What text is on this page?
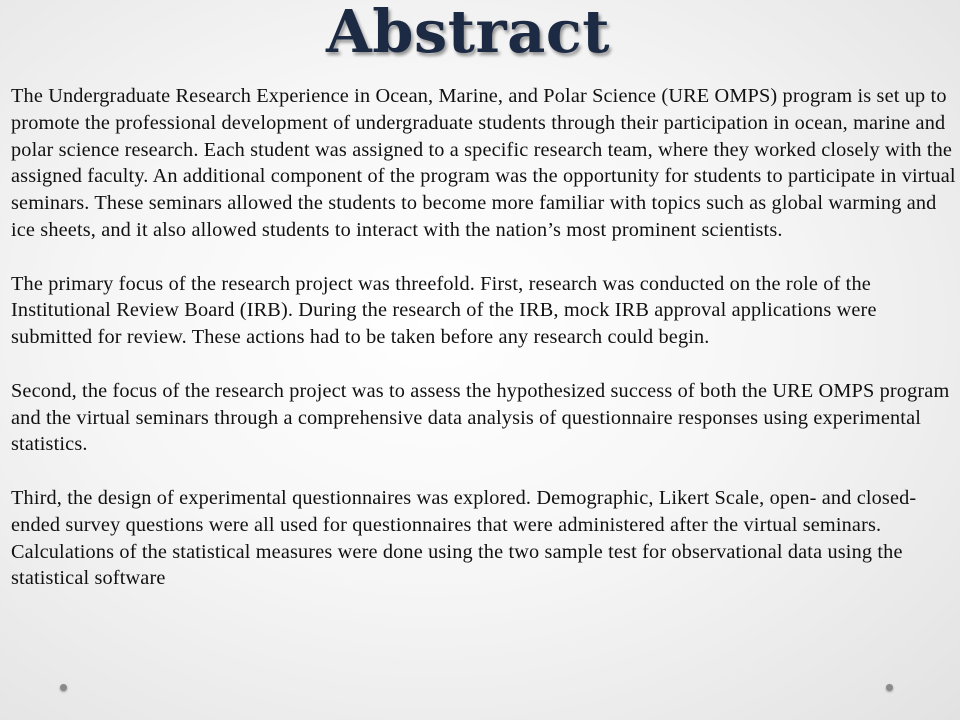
Abstract

The Undergraduate Research Experience in Ocean, Marine, and Polar Science (URE OMPS) program is set up to promote the professional development of undergraduate students through their participation in ocean, marine and polar science research. Each student was assigned to a specific research team, where they worked closely with the assigned faculty. An additional component of the program was the opportunity for students to participate in virtual seminars. These seminars allowed the students to become more familiar with topics such as global warming and ice sheets, and it also allowed students to interact with the nation’s most prominent scientists.

The primary focus of the research project was threefold. First, research was conducted on the role of the Institutional Review Board (IRB). During the research of the IRB, mock IRB approval applications were submitted for review. These actions had to be taken before any research could begin.

Second, the focus of the research project was to assess the hypothesized success of both the URE OMPS program and the virtual seminars through a comprehensive data analysis of questionnaire responses using experimental statistics.

Third, the design of experimental questionnaires was explored. Demographic, Likert Scale, open- and closed-ended survey questions were all used for questionnaires that were administered after the virtual seminars. Calculations of the statistical measures were done using the two sample test for observational data using the statistical software
